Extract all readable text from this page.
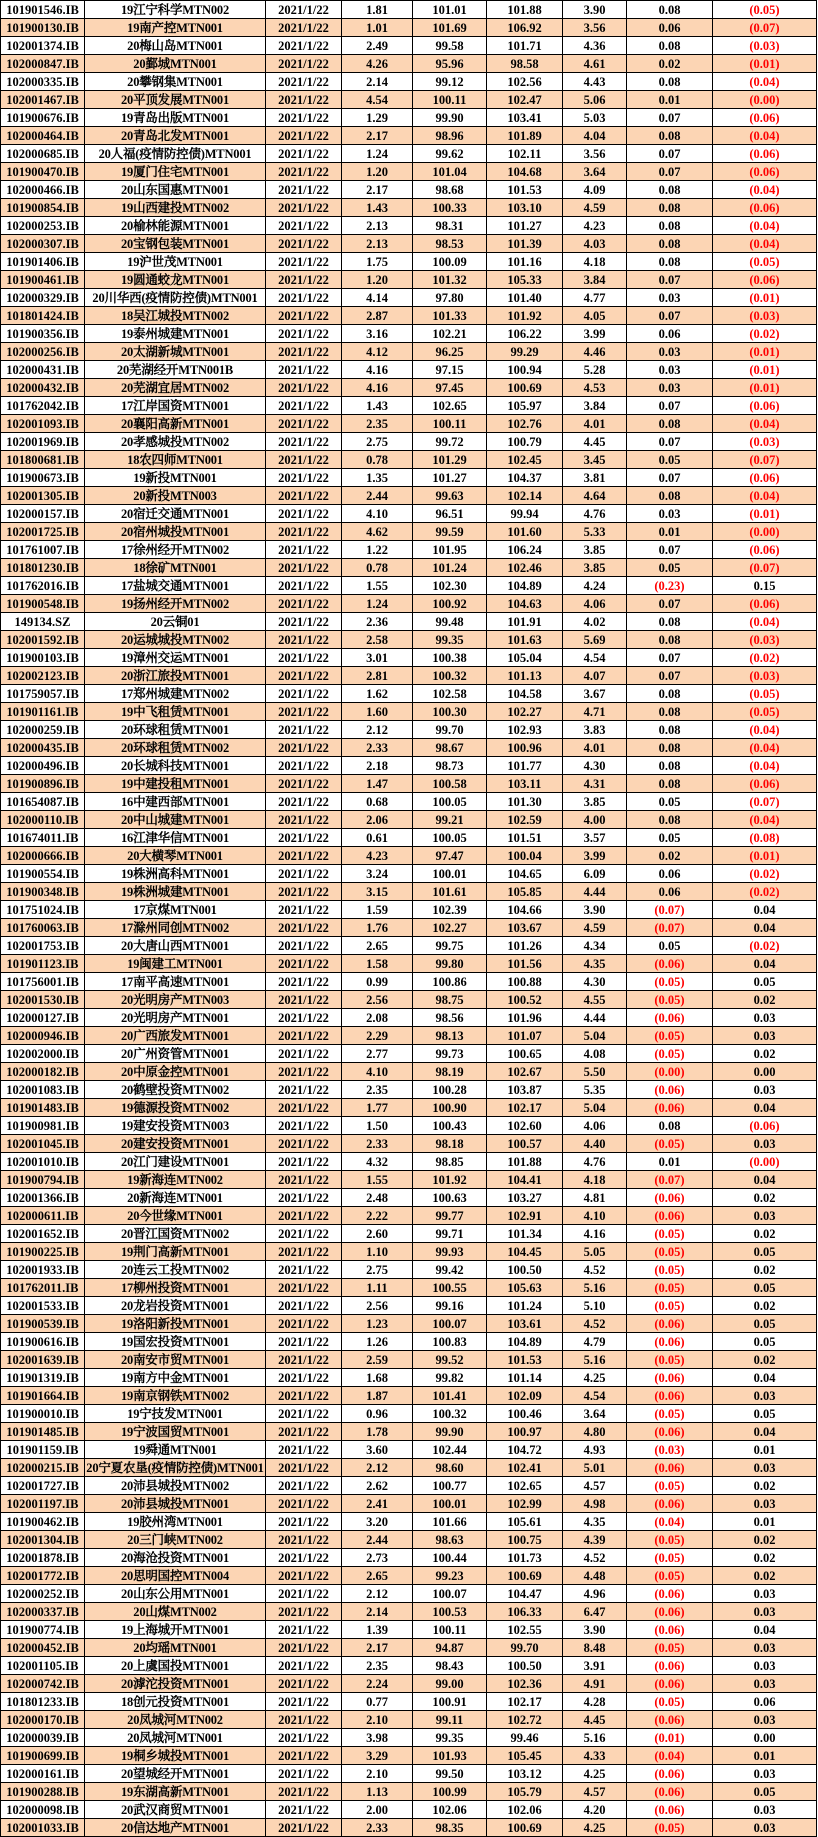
101901546.IB	19江宁科学MTN002	2021/1/22	1.81	101.01	101.88	3.90	0.08	(0.05)
101900130.IB	19南产控MTN001	2021/1/22	1.01	101.69	106.92	3.56	0.06	(0.07)
102001374.IB	20梅山岛MTN001	2021/1/22	2.49	99.58	101.71	4.36	0.08	(0.03)
102000847.IB	20鄞城MTN001	2021/1/22	4.26	95.96	98.58	4.61	0.02	(0.01)
102000335.IB	20攀钢集MTN001	2021/1/22	2.14	99.12	102.56	4.43	0.08	(0.04)
102001467.IB	20平顶发展MTN001	2021/1/22	4.54	100.11	102.47	5.06	0.01	(0.00)
101900676.IB	19青岛出版MTN001	2021/1/22	1.29	99.90	103.41	5.03	0.07	(0.06)
102000464.IB	20青岛北发MTN001	2021/1/22	2.17	98.96	101.89	4.04	0.08	(0.04)
102000685.IB	20人福(疫情防控债)MTN001	2021/1/22	1.24	99.62	102.11	3.56	0.07	(0.06)
101900470.IB	19厦门住宅MTN001	2021/1/22	1.20	101.04	104.68	3.64	0.07	(0.06)
102000466.IB	20山东国惠MTN001	2021/1/22	2.17	98.68	101.53	4.09	0.08	(0.04)
101900854.IB	19山西建投MTN002	2021/1/22	1.43	100.33	103.10	4.59	0.08	(0.06)
102000253.IB	20榆林能源MTN001	2021/1/22	2.13	98.31	101.27	4.23	0.08	(0.04)
102000307.IB	20宝钢包装MTN001	2021/1/22	2.13	98.53	101.39	4.03	0.08	(0.04)
101901406.IB	19沪世茂MTN001	2021/1/22	1.75	100.09	101.16	4.18	0.08	(0.05)
101900461.IB	19圆通蛟龙MTN001	2021/1/22	1.20	101.32	105.33	3.84	0.07	(0.06)
102000329.IB	20川华西(疫情防控债)MTN001	2021/1/22	4.14	97.80	101.40	4.77	0.03	(0.01)
101801424.IB	18吴江城投MTN002	2021/1/22	2.87	101.33	101.92	4.05	0.07	(0.03)
101900356.IB	19泰州城建MTN001	2021/1/22	3.16	102.21	106.22	3.99	0.06	(0.02)
102000256.IB	20太湖新城MTN001	2021/1/22	4.12	96.25	99.29	4.46	0.03	(0.01)
102000431.IB	20芜湖经开MTN001B	2021/1/22	4.16	97.15	100.94	5.28	0.03	(0.01)
102000432.IB	20芜湖宜居MTN002	2021/1/22	4.16	97.45	100.69	4.53	0.03	(0.01)
101762042.IB	17江岸国资MTN001	2021/1/22	1.43	102.65	105.97	3.84	0.07	(0.06)
102001093.IB	20襄阳高新MTN001	2021/1/22	2.35	100.11	102.76	4.01	0.08	(0.04)
102001969.IB	20孝感城投MTN002	2021/1/22	2.75	99.72	100.79	4.45	0.07	(0.03)
101800681.IB	18农四师MTN001	2021/1/22	0.78	101.29	102.45	3.45	0.05	(0.07)
101900673.IB	19新投MTN001	2021/1/22	1.35	101.27	104.37	3.81	0.07	(0.06)
102001305.IB	20新投MTN003	2021/1/22	2.44	99.63	102.14	4.64	0.08	(0.04)
102000157.IB	20宿迁交通MTN001	2021/1/22	4.10	96.51	99.94	4.76	0.03	(0.01)
102001725.IB	20宿州城投MTN001	2021/1/22	4.62	99.59	101.60	5.33	0.01	(0.00)
101761007.IB	17徐州经开MTN002	2021/1/22	1.22	101.95	106.24	3.85	0.07	(0.06)
101801230.IB	18徐矿MTN001	2021/1/22	0.78	101.24	102.46	3.85	0.05	(0.07)
101762016.IB	17盐城交通MTN001	2021/1/22	1.55	102.30	104.89	4.24	(0.23)	0.15
101900548.IB	19扬州经开MTN002	2021/1/22	1.24	100.92	104.63	4.06	0.07	(0.06)
149134.SZ	20云铜01	2021/1/22	2.36	99.48	101.91	4.02	0.08	(0.04)
102001592.IB	20运城城投MTN002	2021/1/22	2.58	99.35	101.63	5.69	0.08	(0.03)
101900103.IB	19漳州交运MTN001	2021/1/22	3.01	100.38	105.04	4.54	0.07	(0.02)
102002123.IB	20浙江旅投MTN001	2021/1/22	2.81	100.32	101.13	4.07	0.07	(0.03)
101759057.IB	17郑州城建MTN002	2021/1/22	1.62	102.58	104.58	3.67	0.08	(0.05)
101901161.IB	19中飞租赁MTN001	2021/1/22	1.60	100.30	102.27	4.71	0.08	(0.05)
102000259.IB	20环球租赁MTN001	2021/1/22	2.12	99.70	102.93	3.83	0.08	(0.04)
102000435.IB	20环球租赁MTN002	2021/1/22	2.33	98.67	100.96	4.01	0.08	(0.04)
102000496.IB	20长城科技MTN001	2021/1/22	2.18	98.73	101.77	4.30	0.08	(0.04)
101900896.IB	19中建投租MTN001	2021/1/22	1.47	100.58	103.11	4.31	0.08	(0.06)
101654087.IB	16中建西部MTN001	2021/1/22	0.68	100.05	101.30	3.85	0.05	(0.07)
102000110.IB	20中山城建MTN001	2021/1/22	2.06	99.21	102.59	4.00	0.08	(0.04)
101674011.IB	16江津华信MTN001	2021/1/22	0.61	100.05	101.51	3.57	0.05	(0.08)
102000666.IB	20大横琴MTN001	2021/1/22	4.23	97.47	100.04	3.99	0.02	(0.01)
101900554.IB	19株洲高科MTN001	2021/1/22	3.24	100.01	104.65	6.09	0.06	(0.02)
101900348.IB	19株洲城建MTN001	2021/1/22	3.15	101.61	105.85	4.44	0.06	(0.02)
101751024.IB	17京煤MTN001	2021/1/22	1.59	102.39	104.66	3.90	(0.07)	0.04
101760063.IB	17滁州同创MTN002	2021/1/22	1.76	102.27	103.67	4.59	(0.07)	0.04
102001753.IB	20大唐山西MTN001	2021/1/22	2.65	99.75	101.26	4.34	0.05	(0.02)
101901123.IB	19闽建工MTN001	2021/1/22	1.58	99.80	101.56	4.35	(0.06)	0.04
101756001.IB	17南平高速MTN001	2021/1/22	0.99	100.86	100.88	4.30	(0.05)	0.05
102001530.IB	20光明房产MTN003	2021/1/22	2.56	98.75	100.52	4.55	(0.05)	0.02
102000127.IB	20光明房产MTN001	2021/1/22	2.08	98.56	101.96	4.44	(0.06)	0.03
102000946.IB	20广西旅发MTN001	2021/1/22	2.29	98.13	101.07	5.04	(0.05)	0.03
102002000.IB	20广州资管MTN001	2021/1/22	2.77	99.73	100.65	4.08	(0.05)	0.02
102000182.IB	20中原金控MTN001	2021/1/22	4.10	98.19	102.67	5.50	(0.00)	0.00
102001083.IB	20鹤壁投资MTN002	2021/1/22	2.35	100.28	103.87	5.35	(0.06)	0.03
101901483.IB	19德源投资MTN002	2021/1/22	1.77	100.90	102.17	5.04	(0.06)	0.04
101900981.IB	19建安投资MTN003	2021/1/22	1.50	100.43	102.60	4.06	0.08	(0.06)
102001045.IB	20建安投资MTN001	2021/1/22	2.33	98.18	100.57	4.40	(0.05)	0.03
102001010.IB	20江门建设MTN001	2021/1/22	4.32	98.85	101.88	4.76	0.01	(0.00)
101900794.IB	19新海连MTN002	2021/1/22	1.55	101.92	104.41	4.18	(0.07)	0.04
102001366.IB	20新海连MTN001	2021/1/22	2.48	100.63	103.27	4.81	(0.06)	0.02
102000611.IB	20今世缘MTN001	2021/1/22	2.22	99.77	102.91	4.10	(0.06)	0.03
102001652.IB	20晋江国资MTN002	2021/1/22	2.60	99.71	101.34	4.16	(0.05)	0.02
101900225.IB	19荆门高新MTN001	2021/1/22	1.10	99.93	104.45	5.05	(0.05)	0.05
102001933.IB	20连云工投MTN002	2021/1/22	2.75	99.42	100.50	4.52	(0.05)	0.02
101762011.IB	17柳州投资MTN001	2021/1/22	1.11	100.55	105.63	5.16	(0.05)	0.05
102001533.IB	20龙岩投资MTN001	2021/1/22	2.56	99.16	101.24	5.10	(0.05)	0.02
101900539.IB	19洛阳新投MTN001	2021/1/22	1.23	100.07	103.61	4.52	(0.06)	0.05
101900616.IB	19国宏投资MTN001	2021/1/22	1.26	100.83	104.89	4.79	(0.06)	0.05
102001639.IB	20南安市贸MTN001	2021/1/22	2.59	99.52	101.53	5.16	(0.05)	0.02
101901319.IB	19南方中金MTN001	2021/1/22	1.68	99.82	101.14	4.25	(0.06)	0.04
101901664.IB	19南京钢铁MTN002	2021/1/22	1.87	101.41	102.09	4.54	(0.06)	0.03
101900010.IB	19宁技发MTN001	2021/1/22	0.96	100.32	100.46	3.64	(0.05)	0.05
101901485.IB	19宁波国贸MTN001	2021/1/22	1.78	99.90	100.97	4.80	(0.06)	0.04
101901159.IB	19舜通MTN001	2021/1/22	3.60	102.44	104.72	4.93	(0.03)	0.01
102000215.IB	20宁夏农垦(疫情防控债)MTN001	2021/1/22	2.12	98.60	102.41	5.01	(0.06)	0.03
102001727.IB	20沛县城投MTN002	2021/1/22	2.62	100.77	102.65	4.57	(0.05)	0.02
102001197.IB	20沛县城投MTN001	2021/1/22	2.41	100.01	102.99	4.98	(0.06)	0.03
101900462.IB	19胶州湾MTN001	2021/1/22	3.20	101.66	105.61	4.35	(0.04)	0.01
102001304.IB	20三门峡MTN002	2021/1/22	2.44	98.63	100.75	4.39	(0.05)	0.02
102001878.IB	20海沧投资MTN001	2021/1/22	2.73	100.44	101.73	4.52	(0.05)	0.02
102001772.IB	20思明国控MTN004	2021/1/22	2.65	99.23	100.69	4.48	(0.05)	0.02
102000252.IB	20山东公用MTN001	2021/1/22	2.12	100.07	104.47	4.96	(0.06)	0.03
102000337.IB	20山煤MTN002	2021/1/22	2.14	100.53	106.33	6.47	(0.06)	0.03
101900774.IB	19上海城开MTN001	2021/1/22	1.39	100.11	102.55	3.90	(0.06)	0.04
102000452.IB	20均瑶MTN001	2021/1/22	2.17	94.87	99.70	8.48	(0.05)	0.03
102001105.IB	20上虞国投MTN001	2021/1/22	2.35	98.43	100.50	3.91	(0.06)	0.03
102000742.IB	20滹沱投资MTN001	2021/1/22	2.24	99.00	102.36	4.91	(0.06)	0.03
101801233.IB	18创元投资MTN001	2021/1/22	0.77	100.91	102.17	4.28	(0.05)	0.06
102000170.IB	20凤城河MTN002	2021/1/22	2.10	99.11	102.72	4.45	(0.06)	0.03
102000039.IB	20凤城河MTN001	2021/1/22	3.98	99.35	99.46	5.16	(0.01)	0.00
101900699.IB	19桐乡城投MTN001	2021/1/22	3.29	101.93	105.45	4.33	(0.04)	0.01
102000161.IB	20望城经开MTN001	2021/1/22	2.10	99.50	103.12	4.25	(0.06)	0.03
101900288.IB	19东湖高新MTN001	2021/1/22	1.13	100.99	105.79	4.57	(0.06)	0.05
102000098.IB	20武汉商贸MTN001	2021/1/22	2.00	102.06	102.06	4.20	(0.06)	0.03
102001033.IB	20信达地产MTN001	2021/1/22	2.33	98.35	100.69	4.25	(0.05)	0.03
